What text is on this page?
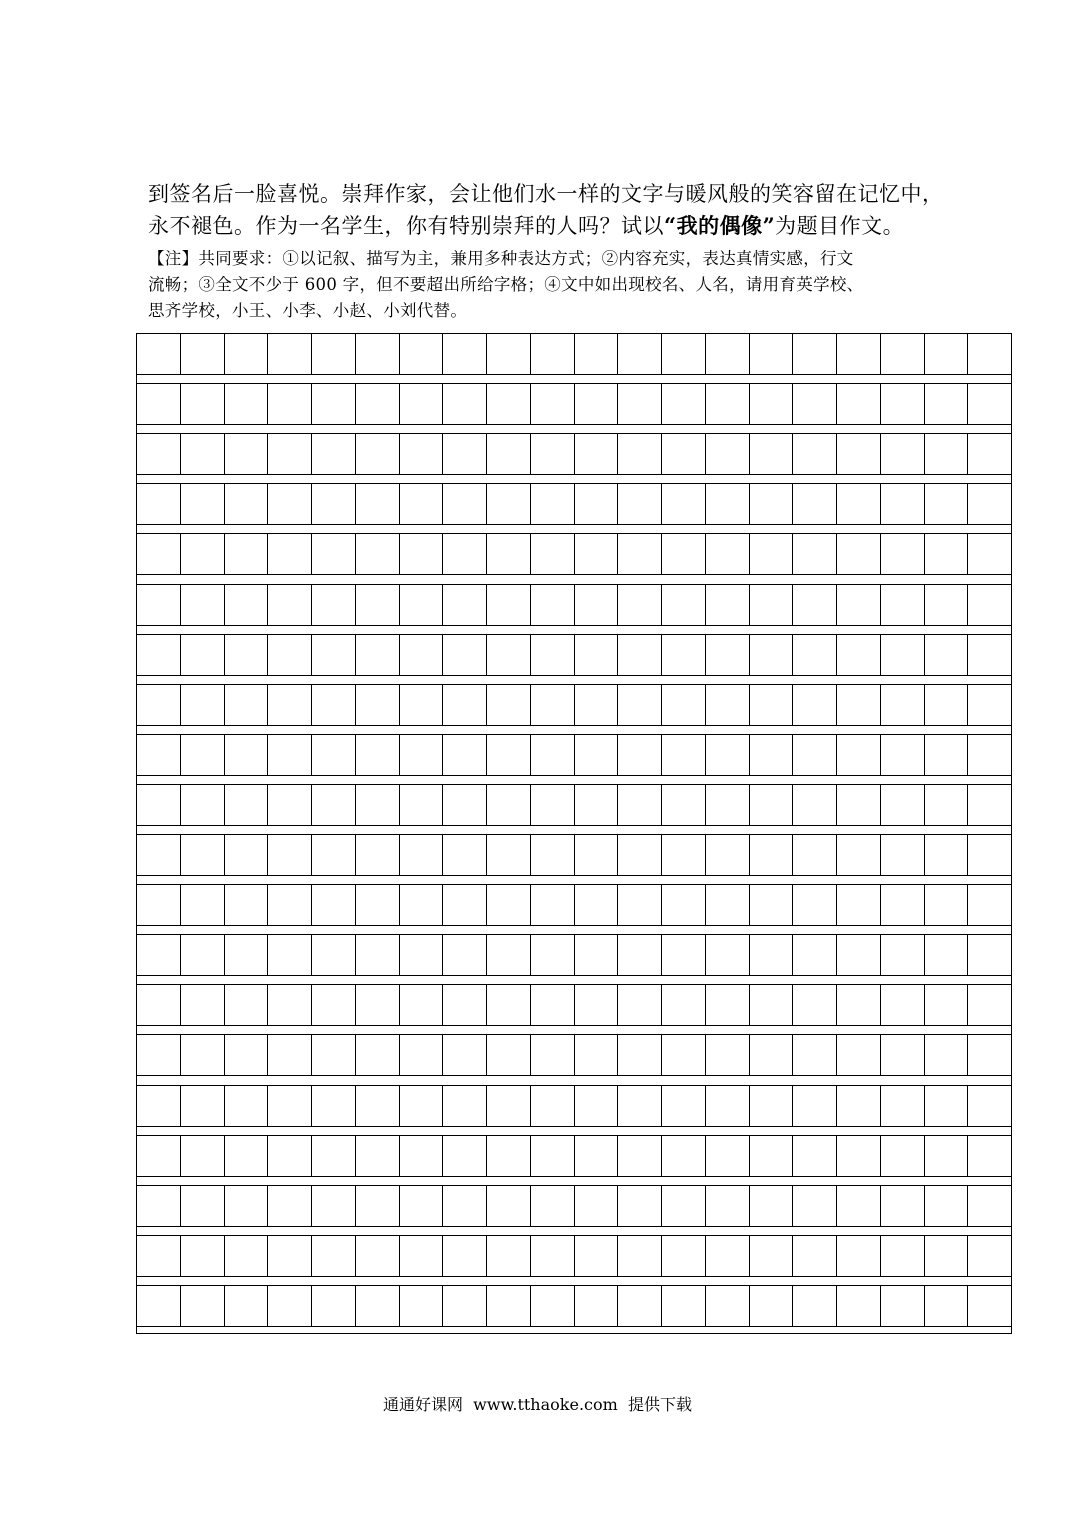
到签名后一脸喜悦。崇拜作家，会让他们水一样的文字与暖风般的笑容留在记忆中，
永不褪色。作为一名学生，你有特别崇拜的人吗？试以“我的偶像”为题目作文。
【注】共同要求：①以记叙、描写为主，兼用多种表达方式；②内容充实，表达真情实感，行文
流畅；③全文不少于 600 字，但不要超出所给字格；④文中如出现校名、人名，请用育英学校、
思齐学校，小王、小李、小赵、小刘代替。
通通好课网  www.tthaoke.com  提供下载
